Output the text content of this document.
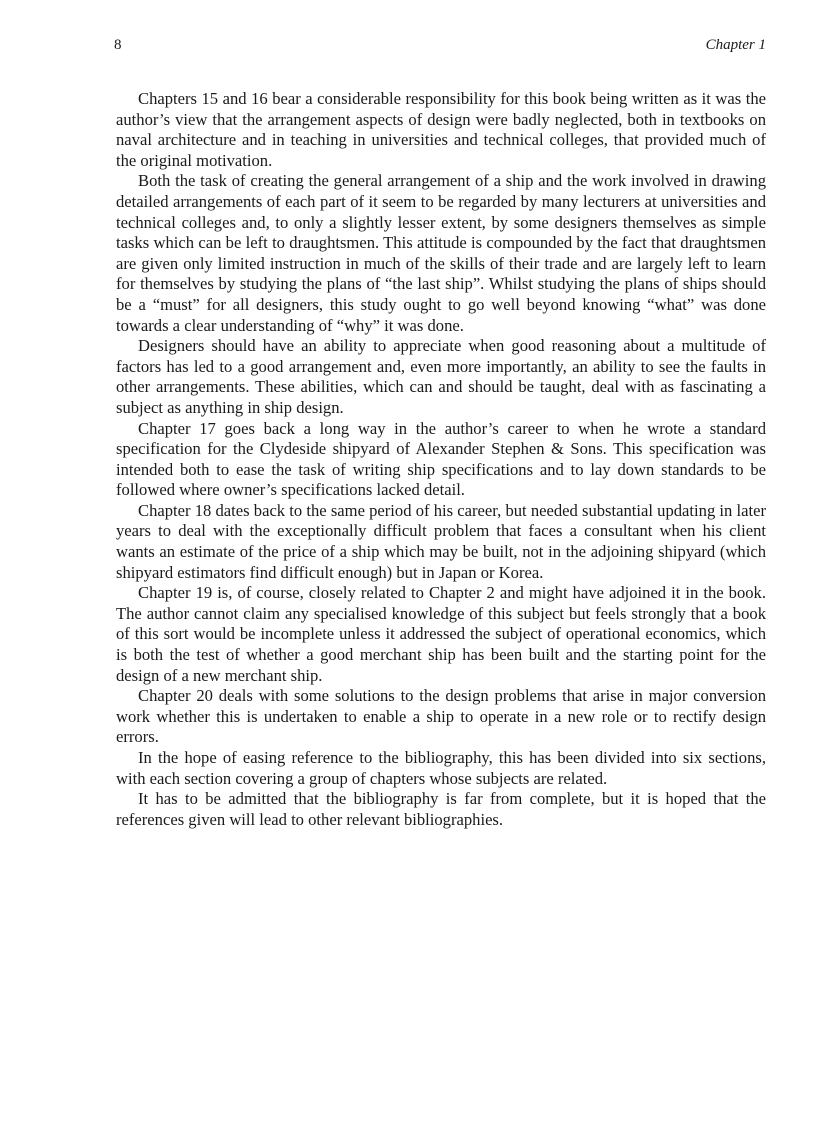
8	Chapter 1

Chapters 15 and 16 bear a considerable responsibility for this book being written as it was the author’s view that the arrangement aspects of design were badly neglected, both in textbooks on naval architecture and in teaching in universities and technical colleges, that provided much of the original motivation.

Both the task of creating the general arrangement of a ship and the work involved in drawing detailed arrangements of each part of it seem to be regarded by many lecturers at universities and technical colleges and, to only a slightly lesser extent, by some designers themselves as simple tasks which can be left to draughtsmen. This attitude is compounded by the fact that draughtsmen are given only limited instruction in much of the skills of their trade and are largely left to learn for themselves by studying the plans of “the last ship”. Whilst studying the plans of ships should be a “must” for all designers, this study ought to go well beyond knowing “what” was done towards a clear understanding of “why” it was done.

Designers should have an ability to appreciate when good reasoning about a multitude of factors has led to a good arrangement and, even more importantly, an ability to see the faults in other arrangements. These abilities, which can and should be taught, deal with as fascinating a subject as anything in ship design.

Chapter 17 goes back a long way in the author’s career to when he wrote a standard specification for the Clydeside shipyard of Alexander Stephen & Sons. This specification was intended both to ease the task of writing ship specifications and to lay down standards to be followed where owner’s specifications lacked detail.

Chapter 18 dates back to the same period of his career, but needed substantial updating in later years to deal with the exceptionally difficult problem that faces a consultant when his client wants an estimate of the price of a ship which may be built, not in the adjoining shipyard (which shipyard estimators find difficult enough) but in Japan or Korea.

Chapter 19 is, of course, closely related to Chapter 2 and might have adjoined it in the book. The author cannot claim any specialised knowledge of this subject but feels strongly that a book of this sort would be incomplete unless it addressed the subject of operational economics, which is both the test of whether a good merchant ship has been built and the starting point for the design of a new merchant ship.

Chapter 20 deals with some solutions to the design problems that arise in major conversion work whether this is undertaken to enable a ship to operate in a new role or to rectify design errors.

In the hope of easing reference to the bibliography, this has been divided into six sections, with each section covering a group of chapters whose subjects are related.

It has to be admitted that the bibliography is far from complete, but it is hoped that the references given will lead to other relevant bibliographies.
